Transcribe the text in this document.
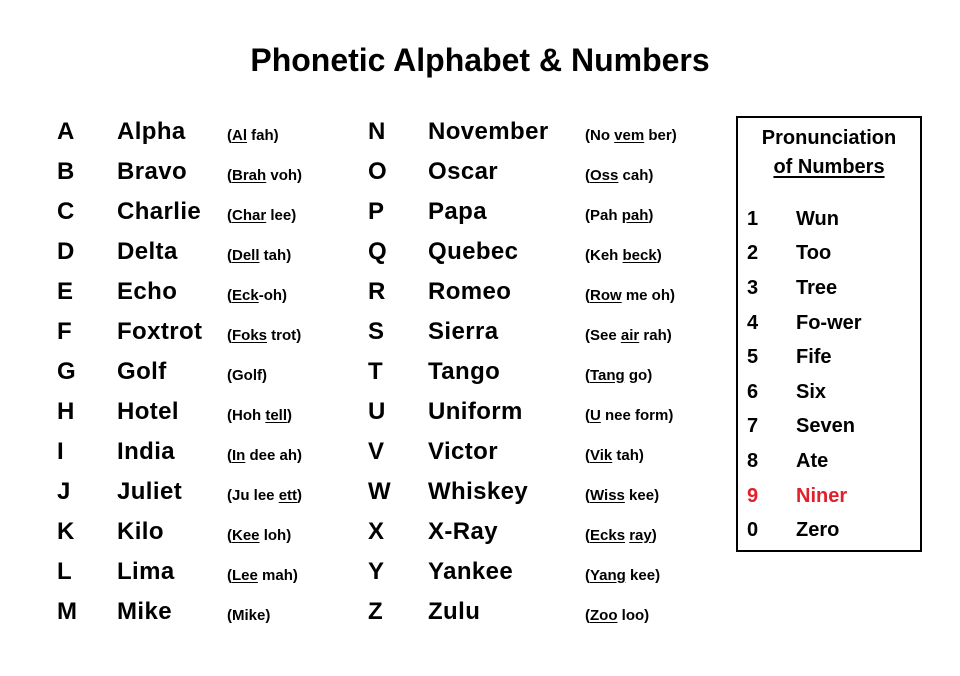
Phonetic Alphabet & Numbers
A	Alpha	(Al fah)
B	Bravo	(Brah voh)
C	Charlie	(Char lee)
D	Delta	(Dell tah)
E	Echo	(Eck-oh)
F	Foxtrot	(Foks trot)
G	Golf	(Golf)
H	Hotel	(Hoh tell)
I	India	(In dee ah)
J	Juliet	(Ju lee ett)
K	Kilo	(Kee loh)
L	Lima	(Lee mah)
M	Mike	(Mike)
N	November	(No vem ber)
O	Oscar	(Oss cah)
P	Papa	(Pah pah)
Q	Quebec	(Keh beck)
R	Romeo	(Row me oh)
S	Sierra	(See air rah)
T	Tango	(Tang go)
U	Uniform	(U nee form)
V	Victor	(Vik tah)
W	Whiskey	(Wiss kee)
X	X-Ray	(Ecks ray)
Y	Yankee	(Yang kee)
Z	Zulu	(Zoo loo)
Pronunciation
of Numbers
1	Wun
2	Too
3	Tree
4	Fo-wer
5	Fife
6	Six
7	Seven
8	Ate
9	Niner
0	Zero
